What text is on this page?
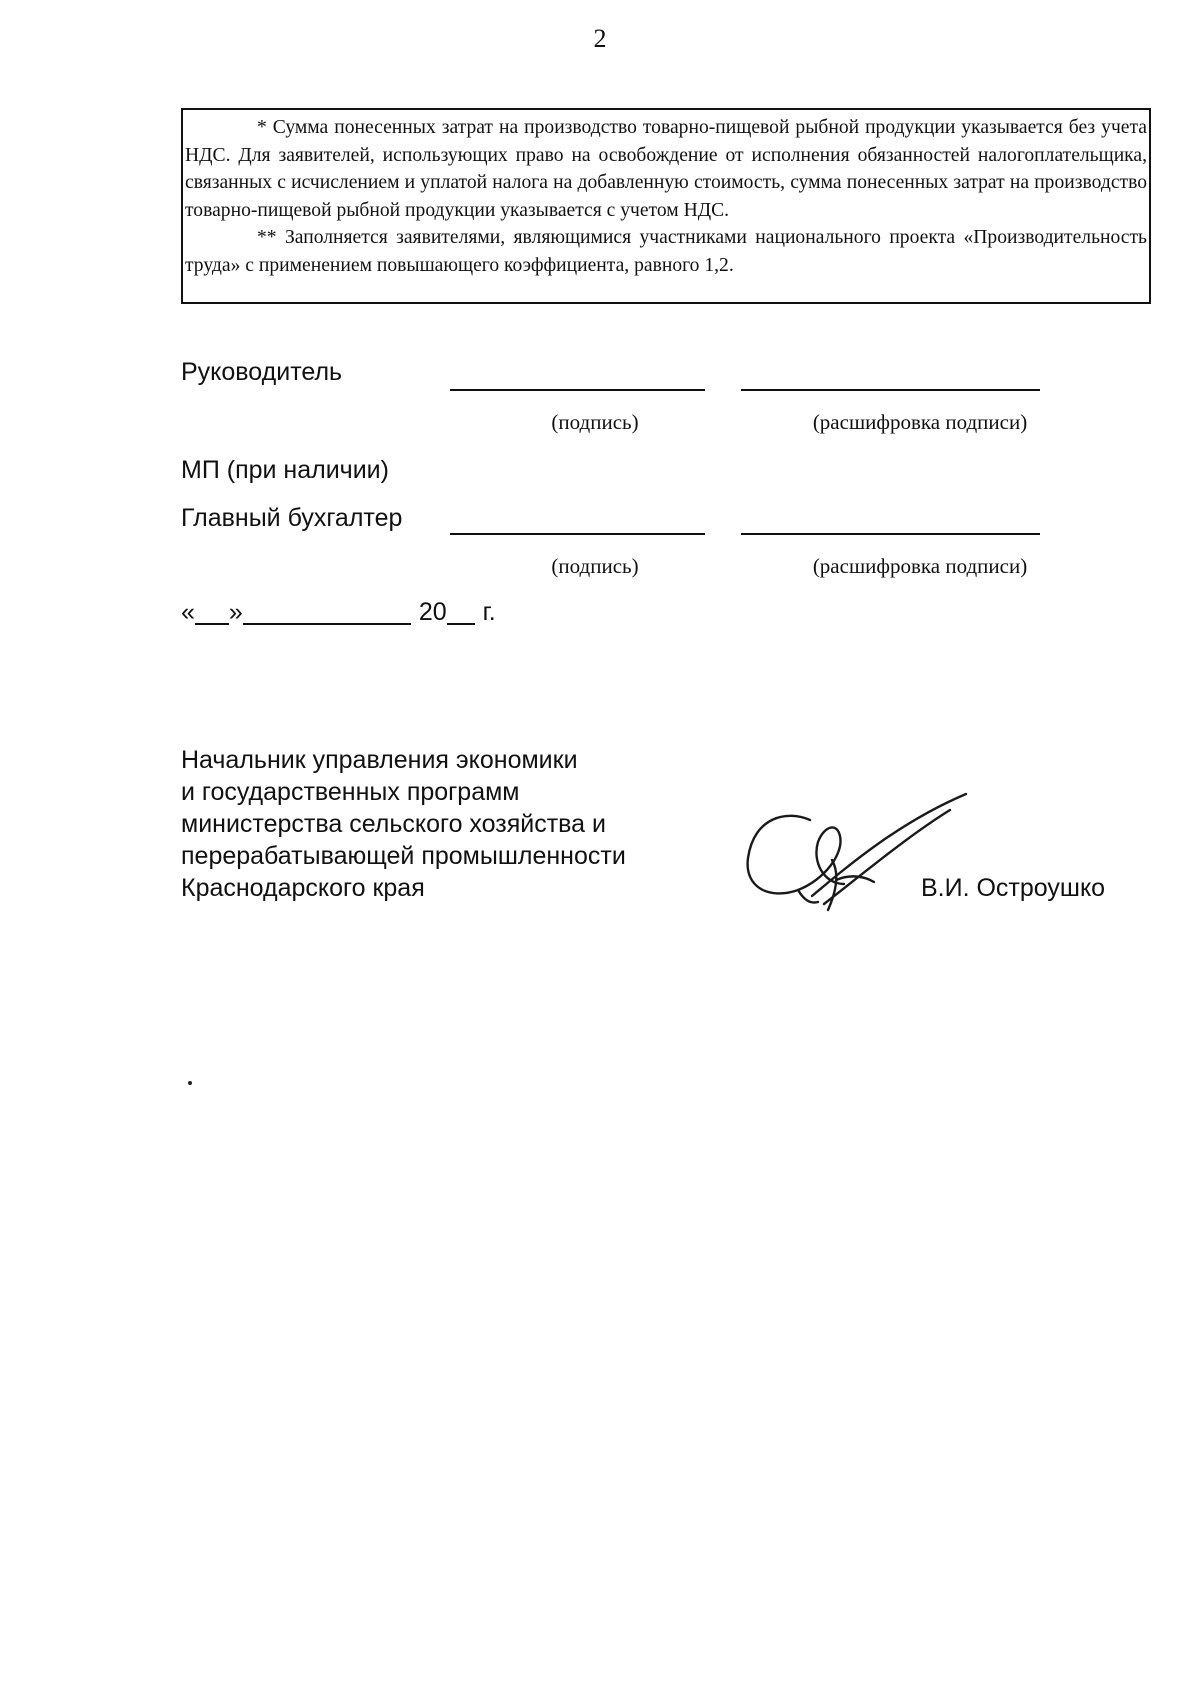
2

* Сумма понесенных затрат на производство товарно-пищевой рыбной продукции указывается без учета НДС. Для заявителей, использующих право на освобождение от исполнения обязанностей налогоплательщика, связанных с исчислением и уплатой налога на добавленную стоимость, сумма понесенных затрат на производство товарно-пищевой рыбной продукции указывается с учетом НДС.

** Заполняется заявителями, являющимися участниками национального проекта «Производительность труда» с применением повышающего коэффициента, равного 1,2.

Руководитель
(подпись)	(расшифровка подписи)
МП (при наличии)
Главный бухгалтер
(подпись)	(расшифровка подписи)
« »	20 г.
Начальник управления экономики
и государственных программ
министерства сельского хозяйства и
перерабатывающей промышленности
Краснодарского края	В.И. Остроушко
